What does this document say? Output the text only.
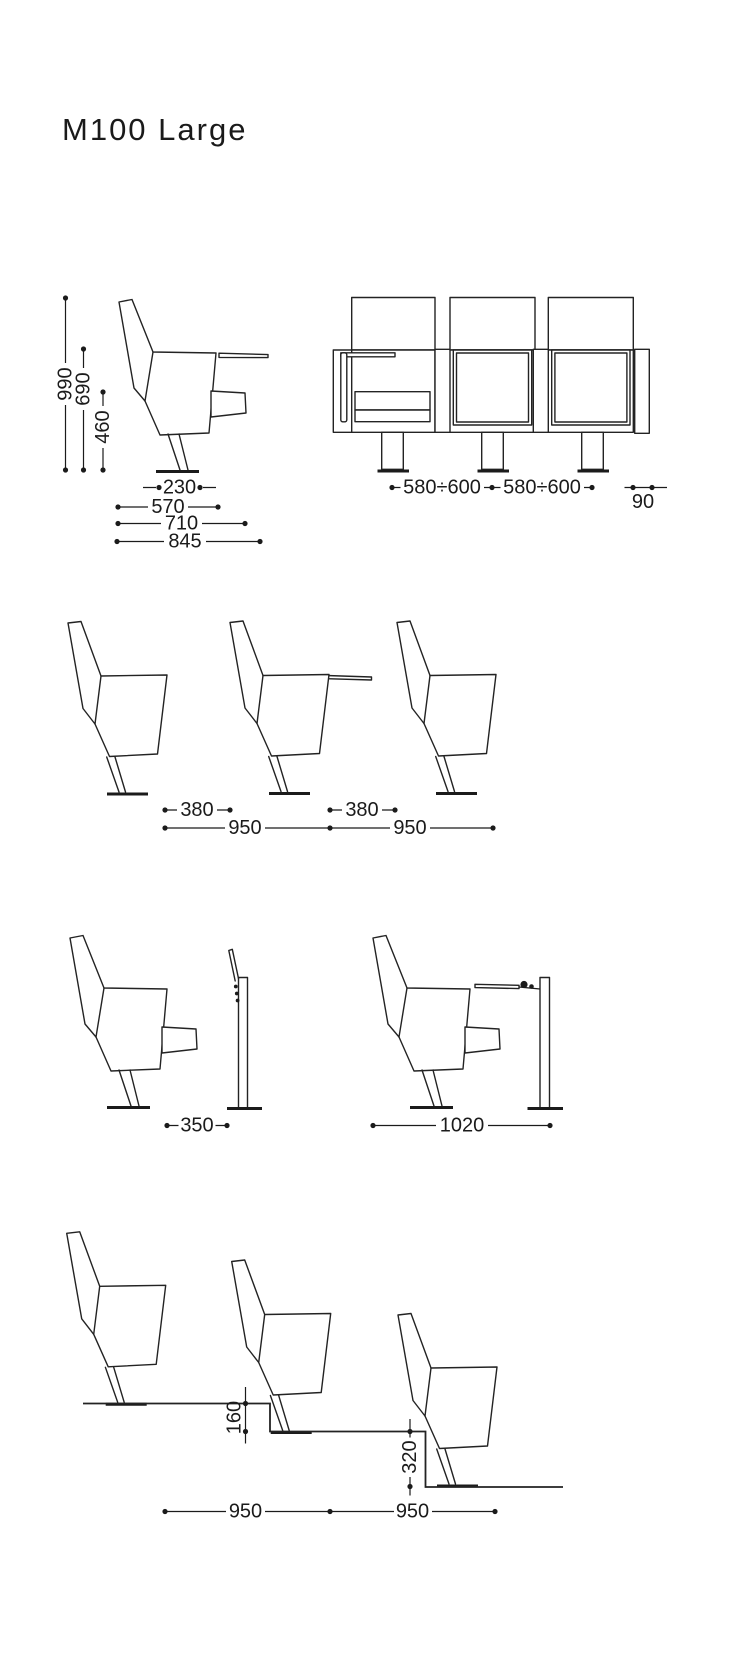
M100 Large
990
690
460
230
570
710
845
580÷600 580÷600
90
380	380
950	950
350	1020
160
320
950	950
